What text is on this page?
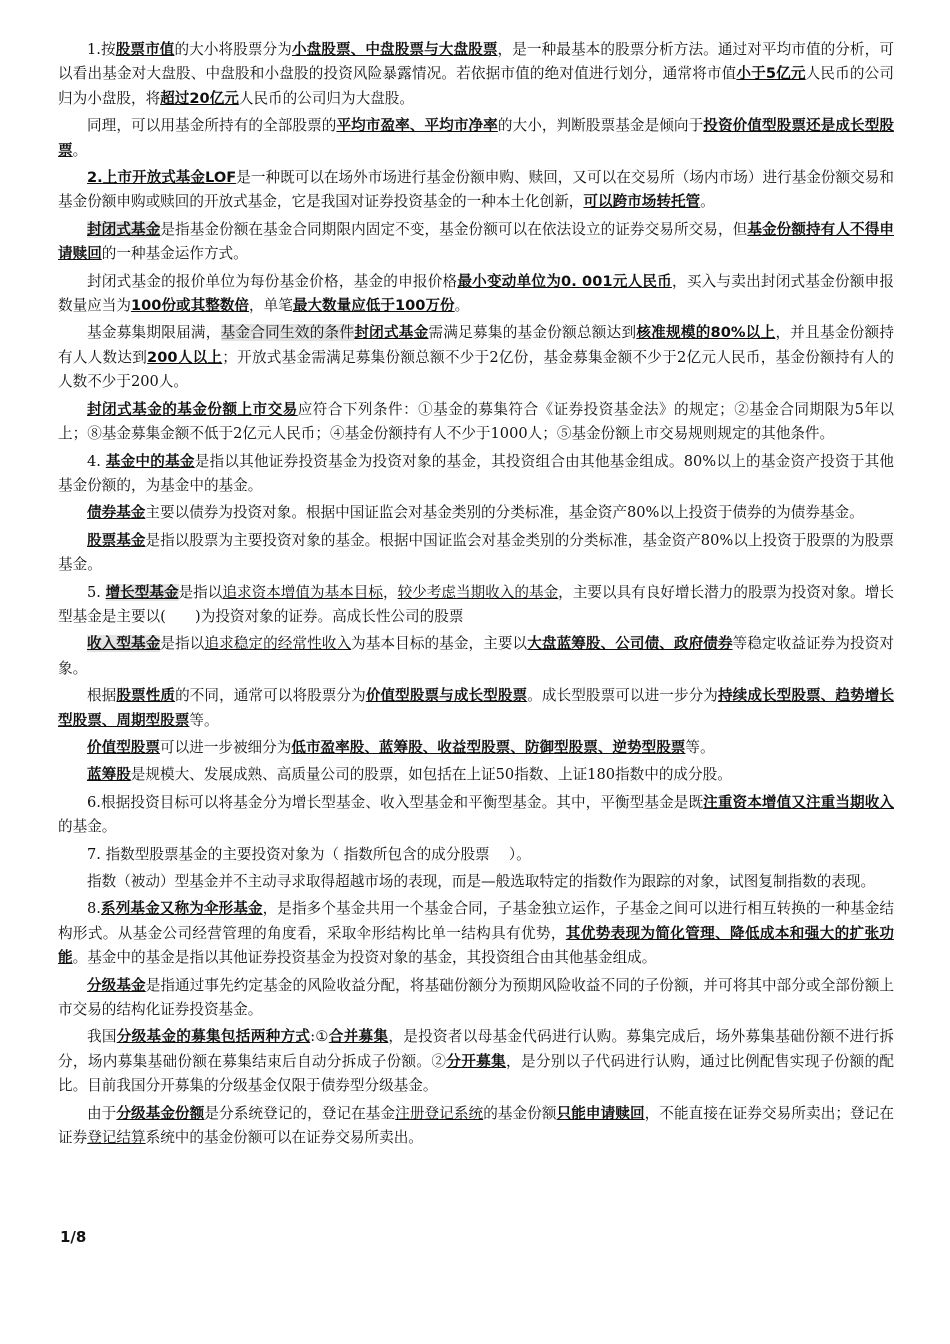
1.按股票市值的大小将股票分为小盘股票、中盘股票与大盘股票，是一种最基本的股票分析方法。通过对平均市值的分析，可以看出基金对大盘股、中盘股和小盘股的投资风险暴露情况。若依据市值的绝对值进行划分，通常将市值小于5亿元人民币的公司归为小盘股，将超过20亿元人民币的公司归为大盘股。

同理，可以用基金所持有的全部股票的平均市盈率、平均市净率的大小，判断股票基金是倾向于投资价值型股票还是成长型股票。

2.上市开放式基金LOF是一种既可以在场外市场进行基金份额申购、赎回，又可以在交易所（场内市场）进行基金份额交易和基金份额申购或赎回的开放式基金，它是我国对证券投资基金的一种本土化创新，可以跨市场转托管。

封闭式基金是指基金份额在基金合同期限内固定不变，基金份额可以在依法设立的证券交易所交易，但基金份额持有人不得申请赎回的一种基金运作方式。

封闭式基金的报价单位为每份基金价格，基金的申报价格最小变动单位为0. 001元人民币，买入与卖出封闭式基金份额申报数量应当为100份或其整数倍，单笔最大数量应低于100万份。

基金募集期限届满，基金合同生效的条件封闭式基金需满足募集的基金份额总额达到核准规模的80%以上，并且基金份额持有人人数达到200人以上；开放式基金需满足募集份额总额不少于2亿份，基金募集金额不少于2亿元人民币，基金份额持有人的人数不少于200人。

封闭式基金的基金份额上市交易应符合下列条件：①基金的募集符合《证券投资基金法》的规定；②基金合同期限为5年以上；⑧基金募集金额不低于2亿元人民币；④基金份额持有人不少于1000人；⑤基金份额上市交易规则规定的其他条件。

4. 基金中的基金是指以其他证券投资基金为投资对象的基金，其投资组合由其他基金组成。80%以上的基金资产投资于其他基金份额的，为基金中的基金。

债券基金主要以债券为投资对象。根据中国证监会对基金类别的分类标准，基金资产80%以上投资于债券的为债券基金。

股票基金是指以股票为主要投资对象的基金。根据中国证监会对基金类别的分类标准，基金资产80%以上投资于股票的为股票基金。

5. 增长型基金是指以追求资本增值为基本目标，较少考虑当期收入的基金，主要以具有良好增长潜力的股票为投资对象。增长型基金是主要以(　　)为投资对象的证券。高成长性公司的股票

收入型基金是指以追求稳定的经常性收入为基本目标的基金，主要以大盘蓝筹股、公司债、政府债券等稳定收益证券为投资对象。

根据股票性质的不同，通常可以将股票分为价值型股票与成长型股票。成长型股票可以进一步分为持续成长型股票、趋势增长型股票、周期型股票等。

价值型股票可以进一步被细分为低市盈率股、蓝筹股、收益型股票、防御型股票、逆势型股票等。

蓝筹股是规模大、发展成熟、高质量公司的股票，如包括在上证50指数、上证180指数中的成分股。

6.根据投资目标可以将基金分为增长型基金、收入型基金和平衡型基金。其中，平衡型基金是既注重资本增值又注重当期收入的基金。

7. 指数型股票基金的主要投资对象为（ 指数所包含的成分股票　 ）。

指数（被动）型基金并不主动寻求取得超越市场的表现，而是—般选取特定的指数作为跟踪的对象，试图复制指数的表现。

8.系列基金又称为伞形基金，是指多个基金共用一个基金合同，子基金独立运作，子基金之间可以进行相互转换的一种基金结构形式。从基金公司经营管理的角度看，采取伞形结构比单一结构具有优势，其优势表现为简化管理、降低成本和强大的扩张功能。基金中的基金是指以其他证券投资基金为投资对象的基金，其投资组合由其他基金组成。

分级基金是指通过事先约定基金的风险收益分配，将基础份额分为预期风险收益不同的子份额，并可将其中部分或全部份额上市交易的结构化证券投资基金。

我国分级基金的募集包括两种方式:①合并募集，是投资者以母基金代码进行认购。募集完成后，场外募集基础份额不进行拆分，场内募集基础份额在募集结束后自动分拆成子份额。②分开募集，是分别以子代码进行认购，通过比例配售实现子份额的配比。目前我国分开募集的分级基金仅限于债券型分级基金。

由于分级基金份额是分系统登记的，登记在基金注册登记系统的基金份额只能申请赎回，不能直接在证券交易所卖出；登记在证券登记结算系统中的基金份额可以在证券交易所卖出。

1/8
